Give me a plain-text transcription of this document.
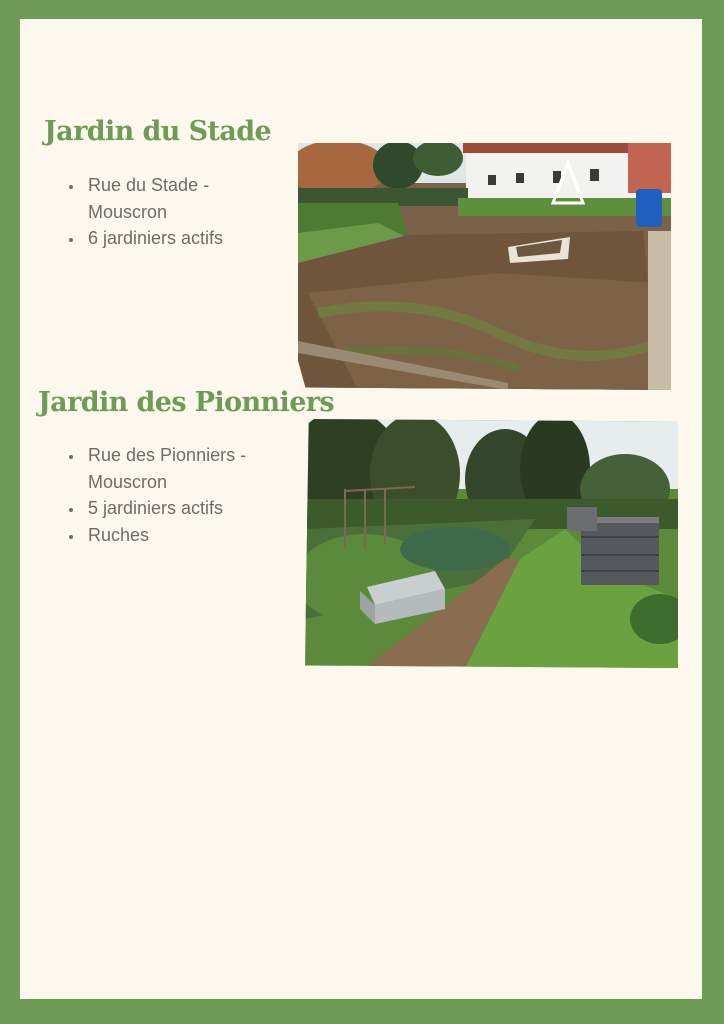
Jardin du Stade
• Rue du Stade - Mouscron
• 6 jardiniers actifs
Jardin des Pionniers
• Rue des Pionniers - Mouscron
• 5 jardiniers actifs
• Ruches
